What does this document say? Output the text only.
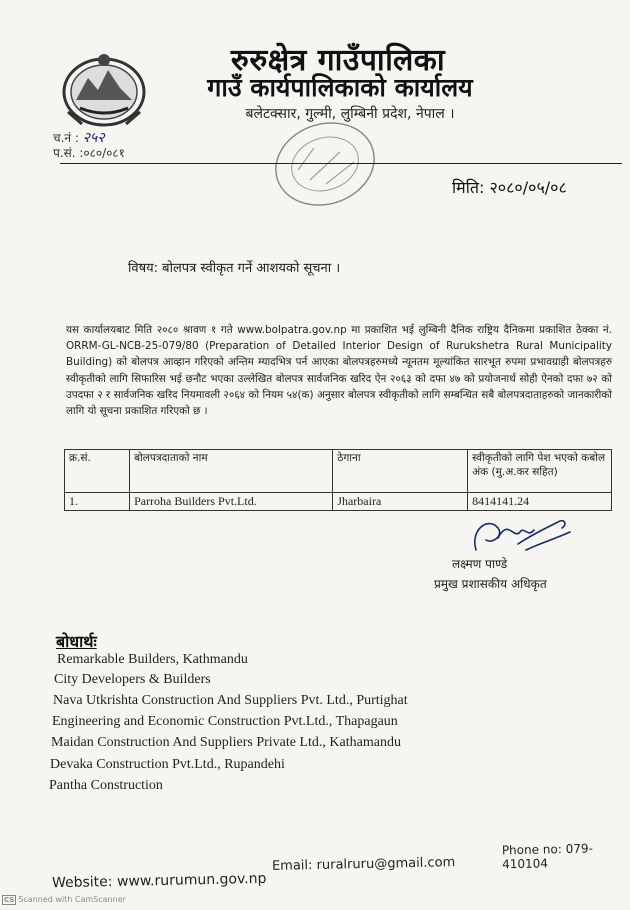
रुरुक्षेत्र गाउँपालिका
गाउँ कार्यपालिकाको कार्यालय
बलेटक्सार, गुल्मी, लुम्बिनी प्रदेश, नेपाल ।
च.नं : २५२
प.सं. :०८०/०८१
मिति: २०८०/०५/०८
विषय: बोलपत्र स्वीकृत गर्ने आशयको सूचना ।
यस कार्यालयबाट मिति २०८० श्रावण १ गते www.bolpatra.gov.np मा प्रकाशित भई लुम्बिनी दैनिक राष्ट्रिय दैनिकमा प्रकाशित ठेक्का नं. ORRM-GL-NCB-25-079/80 (Preparation of Detailed Interior Design of Rurukshetra Rural Municipality Building) को बोलपत्र आव्हान गरिएको अन्तिम म्यादभित्र पर्न आएका बोलपत्रहरुमध्ये न्यूनतम मूल्यांकित सारभूत रुपमा प्रभावग्राही बोलपत्रहरु स्वीकृतीको लागि सिफारिस भई छनौट भएका उल्लेखित बोलपत्र सार्वजनिक खरिद ऐन २०६३ को दफा ४७ को प्रयोजनार्थ सोही ऐनको दफा ७२ को उपदफा २ र सार्वजनिक खरिद नियमावली २०६४ को नियम ५४(क) अनुसार बोलपत्र स्वीकृतीको लागि सम्बन्धित सबै बोलपत्रदाताहरुको जानकारीको लागि यो सूचना प्रकाशित गरिएको छ ।
क्र.सं.	बोलपत्रदाताको नाम	ठेगाना	स्वीकृतीको लागि पेश भएको कबोल अंक (मु.अ.कर सहित)
1.	Parroha Builders Pvt.Ltd.	Jharbaira	8414141.24
लक्ष्मण पाण्डे
प्रमुख प्रशासकीय अधिकृत
बोधार्थः
Remarkable Builders, Kathmandu
City Developers & Builders
Nava Utkrishta Construction And Suppliers Pvt. Ltd., Purtighat
Engineering and Economic Construction Pvt.Ltd., Thapagaun
Maidan Construction And Suppliers Private Ltd., Kathamandu
Devaka Construction Pvt.Ltd., Rupandehi
Pantha Construction
Website: www.rurumun.gov.np
Email: ruralruru@gmail.com
Phone no: 079-410104
CS Scanned with CamScanner
